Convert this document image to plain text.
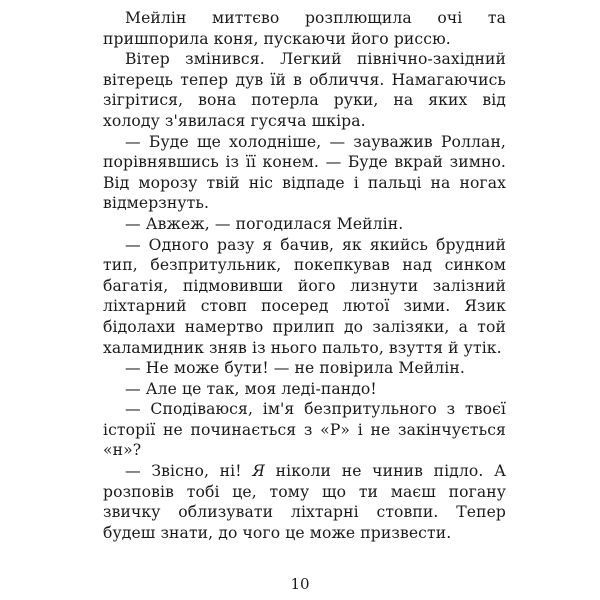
Мейлін миттєво розплющила очі та пришпорила коня, пускаючи його риссю.

Вітер змінився. Легкий північно-західний вітерець тепер дув їй в обличчя. Намагаючись зігрітися, вона потерла руки, на яких від холоду з'явилася гусяча шкіра.

— Буде ще холодніше, — зауважив Роллан, порівнявшись із її конем. — Буде вкрай зимно. Від морозу твій ніс відпаде і пальці на ногах відмерзнуть.

— Авжеж, — погодилася Мейлін.

— Одного разу я бачив, як якийсь брудний тип, безпритульник, покепкував над синком багатія, підмовивши його лизнути залізний ліхтарний стовп посеред лютої зими. Язик бідолахи намертво прилип до залізяки, а той халамидник зняв із нього пальто, взуття й утік.

— Не може бути! — не повірила Мейлін.

— Але це так, моя леді-пандо!

— Сподіваюся, ім'я безпритульного з твоєї історії не починається з «Р» і не закінчується «н»?

— Звісно, ні! Я ніколи не чинив підло. А розповів тобі це, тому що ти маєш погану звичку облизувати ліхтарні стовпи. Тепер будеш знати, до чого це може призвести.

10
